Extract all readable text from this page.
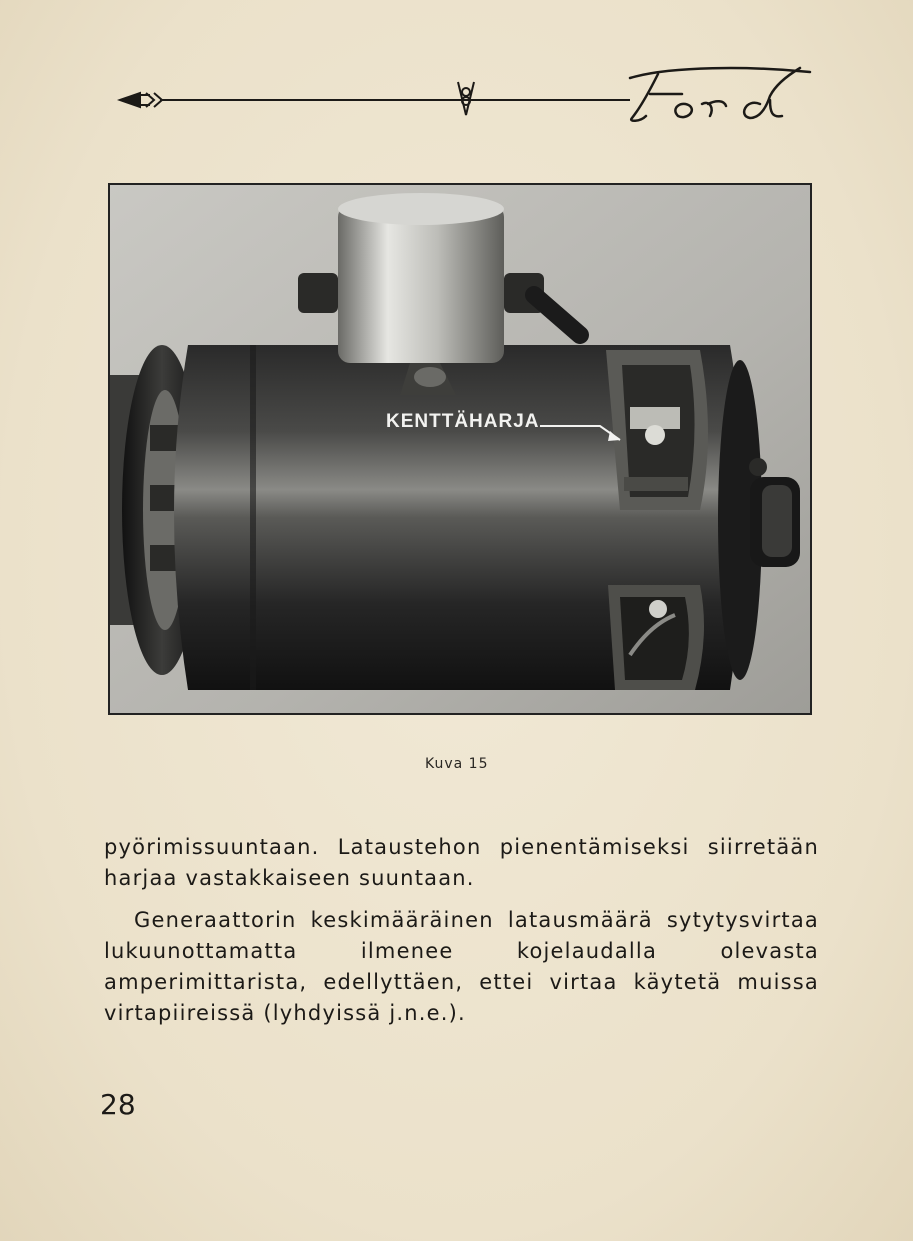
KENTTÄHARJA
Kuva 15

pyörimissuuntaan. Lataustehon pienentämiseksi siirretään harjaa vastakkaiseen suuntaan.

Generaattorin keskimääräinen latausmäärä sytytysvirtaa lukuunottamatta ilmenee kojelaudalla olevasta amperimittarista, edellyttäen, ettei virtaa käytetä muissa virtapiireissä (lyhdyissä j.n.e.).

28
